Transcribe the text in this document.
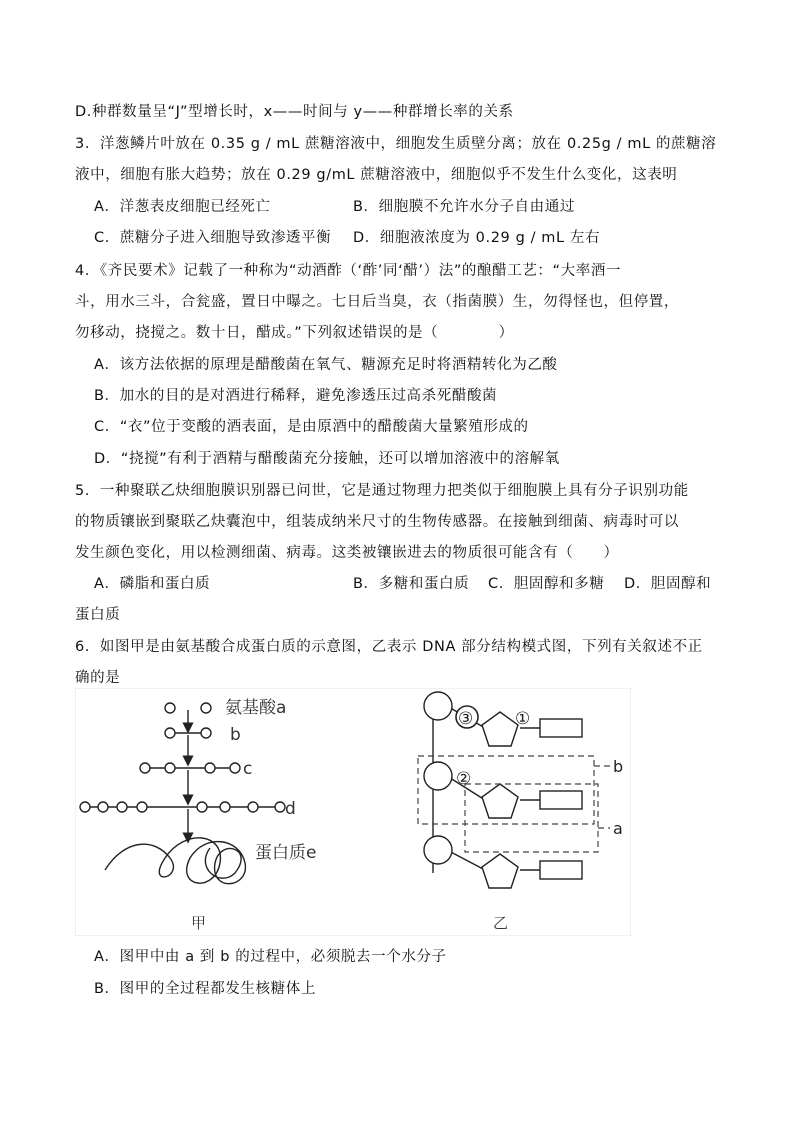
D.种群数量呈“J”型增长时，x——时间与 y——种群增长率的关系
3．洋葱鳞片叶放在 0.35 g / mL 蔗糖溶液中，细胞发生质壁分离；放在 0.25g / mL 的蔗糖溶
液中，细胞有胀大趋势；放在 0.29 g/mL 蔗糖溶液中，细胞似乎不发生什么变化，这表明
A．洋葱表皮细胞已经死亡	B．细胞膜不允许水分子自由通过
C．蔗糖分子进入细胞导致渗透平衡 D．细胞液浓度为 0.29 g / mL 左右
4．《齐民要术》记载了一种称为“动酒酢（‘酢’同‘醋’）法”的酿醋工艺：“大率酒一
斗，用水三斗，合瓮盛，置日中曝之。七日后当臭，衣（指菌膜）生，勿得怪也，但停置，
勿移动，挠搅之。数十日，醋成。”下列叙述错误的是（　　　　）
A．该方法依据的原理是醋酸菌在氧气、糖源充足时将酒精转化为乙酸
B．加水的目的是对酒进行稀释，避免渗透压过高杀死醋酸菌
C．“衣”位于变酸的酒表面，是由原酒中的醋酸菌大量繁殖形成的
D．“挠搅”有利于酒精与醋酸菌充分接触，还可以增加溶液中的溶解氧
5．一种聚联乙炔细胞膜识别器已问世，它是通过物理力把类似于细胞膜上具有分子识别功能
的物质镶嵌到聚联乙炔囊泡中，组装成纳米尺寸的生物传感器。在接触到细菌、病毒时可以
发生颜色变化，用以检测细菌、病毒。这类被镶嵌进去的物质很可能含有（　　）
A．磷脂和蛋白质	B．多糖和蛋白质 C．胆固醇和多糖 D．胆固醇和
蛋白质
6．如图甲是由氨基酸合成蛋白质的示意图，乙表示 DNA 部分结构模式图，下列有关叙述不正
确的是
氨基酸a
b
c
d
蛋白质e
甲
③ ①
②
b
a
乙
A．图甲中由 a 到 b 的过程中，必须脱去一个水分子
B．图甲的全过程都发生核糖体上
